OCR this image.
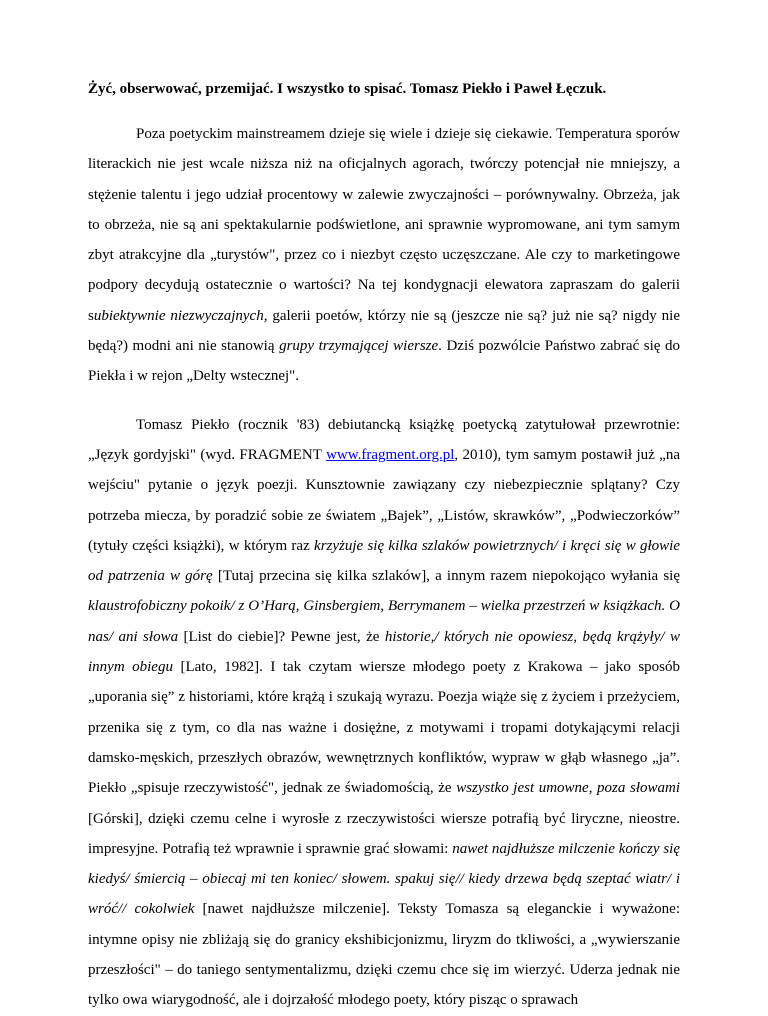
Żyć, obserwować, przemijać. I wszystko to spisać. Tomasz Piekło i Paweł Łęczuk.

Poza poetyckim mainstreamem dzieje się wiele i dzieje się ciekawie. Temperatura sporów literackich nie jest wcale niższa niż na oficjalnych agorach, twórczy potencjał nie mniejszy, a stężenie talentu i jego udział procentowy w zalewie zwyczajności – porównywalny. Obrzeża, jak to obrzeża, nie są ani spektakularnie podświetlone, ani sprawnie wypromowane, ani tym samym zbyt atrakcyjne dla „turystów", przez co i niezbyt często uczęszczane. Ale czy to marketingowe podpory decydują ostatecznie o wartości? Na tej kondygnacji elewatora zapraszam do galerii subiektywnie niezwyczajnych, galerii poetów, którzy nie są (jeszcze nie są? już nie są? nigdy nie będą?) modni ani nie stanowią grupy trzymającej wiersze. Dziś pozwólcie Państwo zabrać się do Piekła i w rejon „Delty wstecznej".

Tomasz Piekło (rocznik '83) debiutancką książkę poetycką zatytułował przewrotnie: „Język gordyjski" (wyd. FRAGMENT www.fragment.org.pl, 2010), tym samym postawił już „na wejściu" pytanie o język poezji. Kunsztownie zawiązany czy niebezpiecznie splątany? Czy potrzeba miecza, by poradzić sobie ze światem „Bajek”, „Listów, skrawków”, „Podwieczorków” (tytuły części książki), w którym raz krzyżuje się kilka szlaków powietrznych/ i kręci się w głowie od patrzenia w górę [Tutaj przecina się kilka szlaków], a innym razem niepokojąco wyłania się klaustrofobiczny pokoik/ z O’Harą, Ginsbergiem, Berrymanem – wielka przestrzeń w książkach. O nas/ ani słowa [List do ciebie]? Pewne jest, że historie,/ których nie opowiesz, będą krążyły/ w innym obiegu [Lato, 1982]. I tak czytam wiersze młodego poety z Krakowa – jako sposób „uporania się” z historiami, które krążą i szukają wyrazu. Poezja wiąże się z życiem i przeżyciem, przenika się z tym, co dla nas ważne i dosiężne, z motywami i tropami dotykającymi relacji damsko-męskich, przeszłych obrazów, wewnętrznych konfliktów, wypraw w głąb własnego „ja”. Piekło „spisuje rzeczywistość", jednak ze świadomością, że wszystko jest umowne, poza słowami [Górski], dzięki czemu celne i wyrosłe z rzeczywistości wiersze potrafią być liryczne, nieostre. impresyjne. Potrafią też wprawnie i sprawnie grać słowami: nawet najdłuższe milczenie kończy się kiedyś/ śmiercią – obiecaj mi ten koniec/ słowem. spakuj się// kiedy drzewa będą szeptać wiatr/ i wróć// cokolwiek [nawet najdłuższe milczenie]. Teksty Tomasza są eleganckie i wyważone: intymne opisy nie zbliżają się do granicy ekshibicjonizmu, liryzm do tkliwości, a „wywierszanie przeszłości" – do taniego sentymentalizmu, dzięki czemu chce się im wierzyć. Uderza jednak nie tylko owa wiarygodność, ale i dojrzałość młodego poety, który pisząc o sprawach
